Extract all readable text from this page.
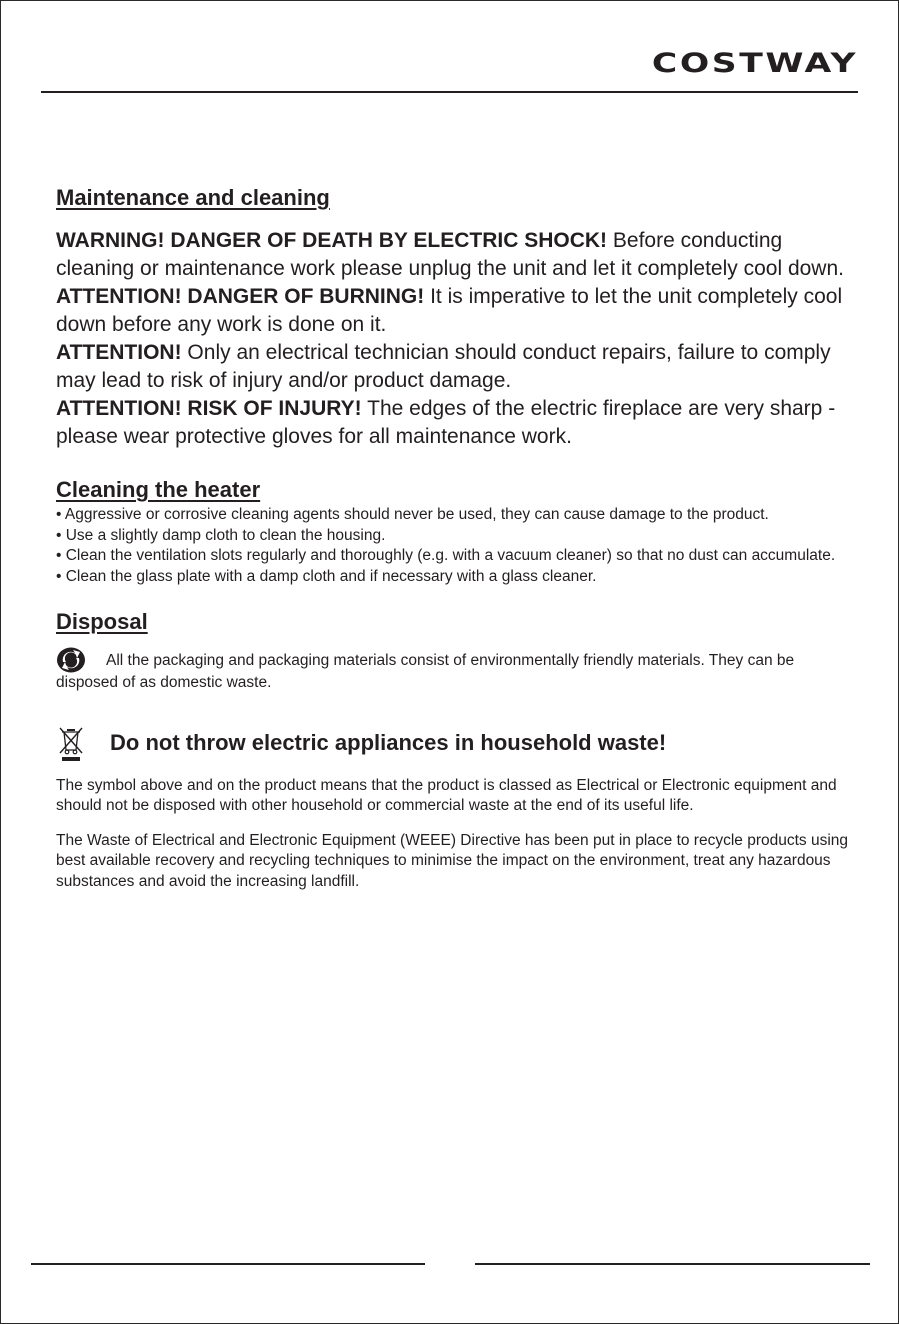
COSTWAY
Maintenance and cleaning

WARNING! DANGER OF DEATH BY ELECTRIC SHOCK! Before conducting cleaning or maintenance work please unplug the unit and let it completely cool down.

ATTENTION! DANGER OF BURNING! It is imperative to let the unit completely cool down before any work is done on it.

ATTENTION! Only an electrical technician should conduct repairs, failure to comply may lead to risk of injury and/or product damage.

ATTENTION! RISK OF INJURY! The edges of the electric fireplace are very sharp - please wear protective gloves for all maintenance work.

Cleaning the heater

• Aggressive or corrosive cleaning agents should never be used, they can cause damage to the product.

• Use a slightly damp cloth to clean the housing.

• Clean the ventilation slots regularly and thoroughly (e.g. with a vacuum cleaner) so that no dust can accumulate.

• Clean the glass plate with a damp cloth and if necessary with a glass cleaner.

Disposal

All the packaging and packaging materials consist of environmentally friendly materials. They can be disposed of as domestic waste.

Do not throw electric appliances in household waste!

The symbol above and on the product means that the product is classed as Electrical or Electronic equipment and should not be disposed with other household or commercial waste at the end of its useful life.

The Waste of Electrical and Electronic Equipment (WEEE) Directive has been put in place to recycle products using best available recovery and recycling techniques to minimise the impact on the environment, treat any hazardous substances and avoid the increasing landfill.
